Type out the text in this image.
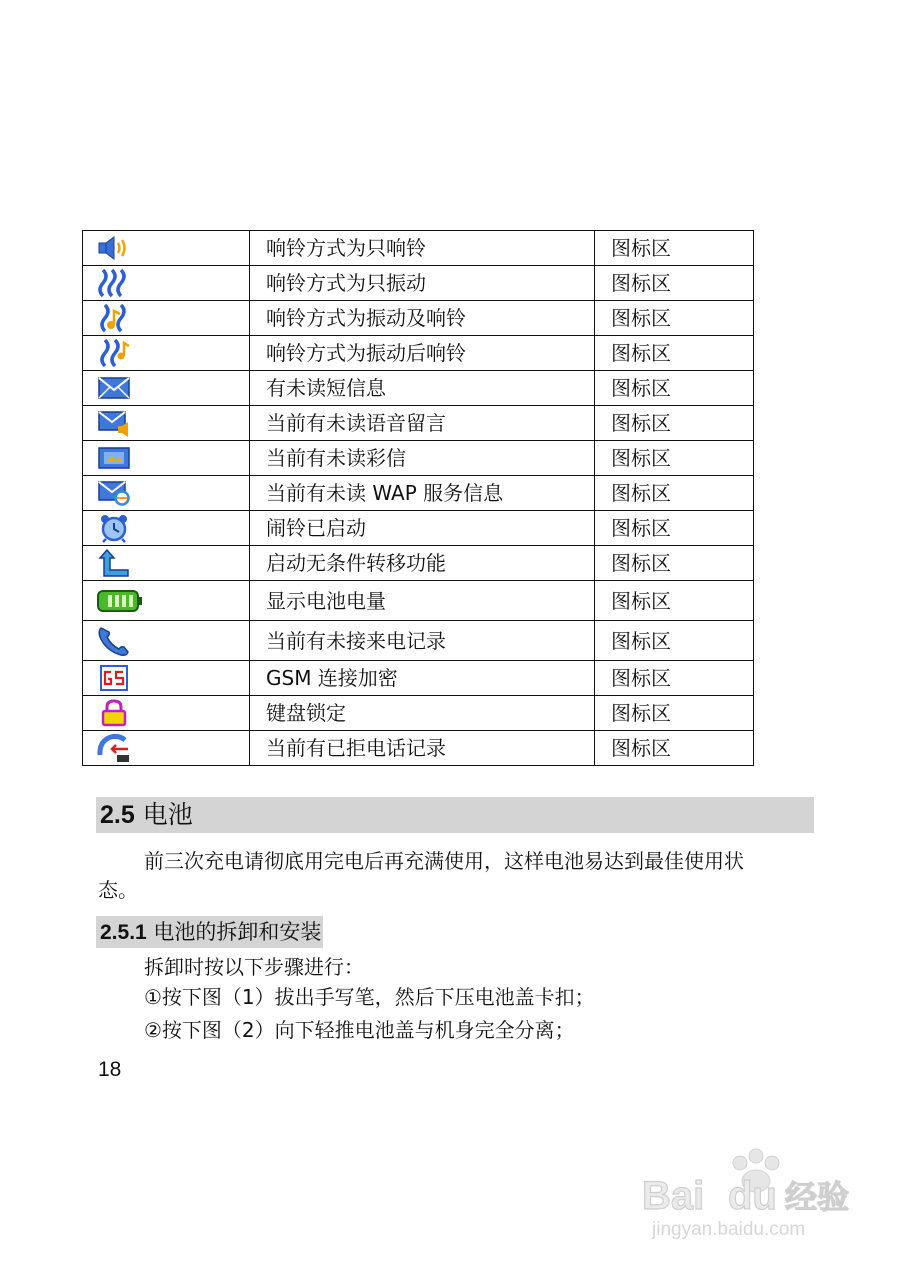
	响铃方式为只响铃	图标区

	响铃方式为只振动	图标区

	响铃方式为振动及响铃	图标区

	响铃方式为振动后响铃	图标区

	有未读短信息	图标区

	当前有未读语音留言	图标区

	当前有未读彩信	图标区

	当前有未读 WAP 服务信息	图标区

	闹铃已启动	图标区

	启动无条件转移功能	图标区

	显示电池电量	图标区

	当前有未接来电记录	图标区

	GSM 连接加密	图标区

	键盘锁定	图标区

	当前有已拒电话记录	图标区
2.5 电池
前三次充电请彻底用完电后再充满使用，这样电池易达到最佳使用状
态。
2.5.1 电池的拆卸和安装
拆卸时按以下步骤进行：
①按下图（1）拔出手写笔，然后下压电池盖卡扣；
②按下图（2）向下轻推电池盖与机身完全分离；
18
Bai du 经验
jingyan.baidu.com
